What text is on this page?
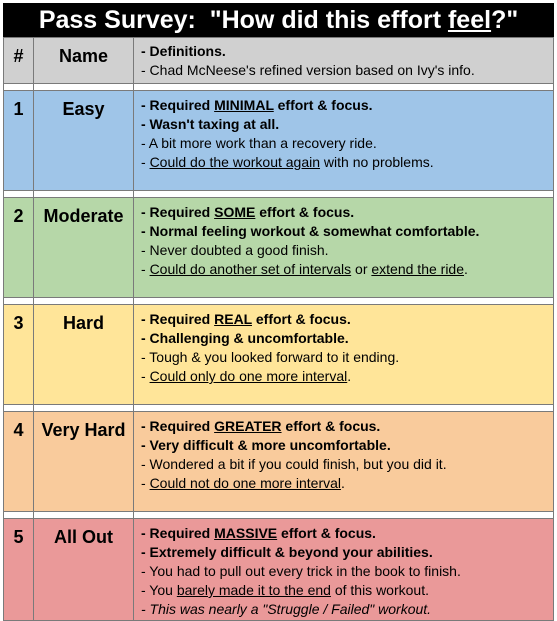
Pass Survey:  "How did this effort feel?"
#	Name	- Definitions.
- Chad McNeese's refined version based on Ivy's info.

1	Easy	- Required MINIMAL effort & focus.
- Wasn't taxing at all.
- A bit more work than a recovery ride.
- Could do the workout again with no problems.

2	Moderate	- Required SOME effort & focus.
- Normal feeling workout & somewhat comfortable.
- Never doubted a good finish.
- Could do another set of intervals or extend the ride.

3	Hard	- Required REAL effort & focus.
- Challenging & uncomfortable.
- Tough & you looked forward to it ending.
- Could only do one more interval.

4	Very Hard	- Required GREATER effort & focus.
- Very difficult & more uncomfortable.
- Wondered a bit if you could finish, but you did it.
- Could not do one more interval.

5	All Out	- Required MASSIVE effort & focus.
- Extremely difficult & beyond your abilities.
- You had to pull out every trick in the book to finish.
- You barely made it to the end of this workout.
- This was nearly a "Struggle / Failed" workout.
